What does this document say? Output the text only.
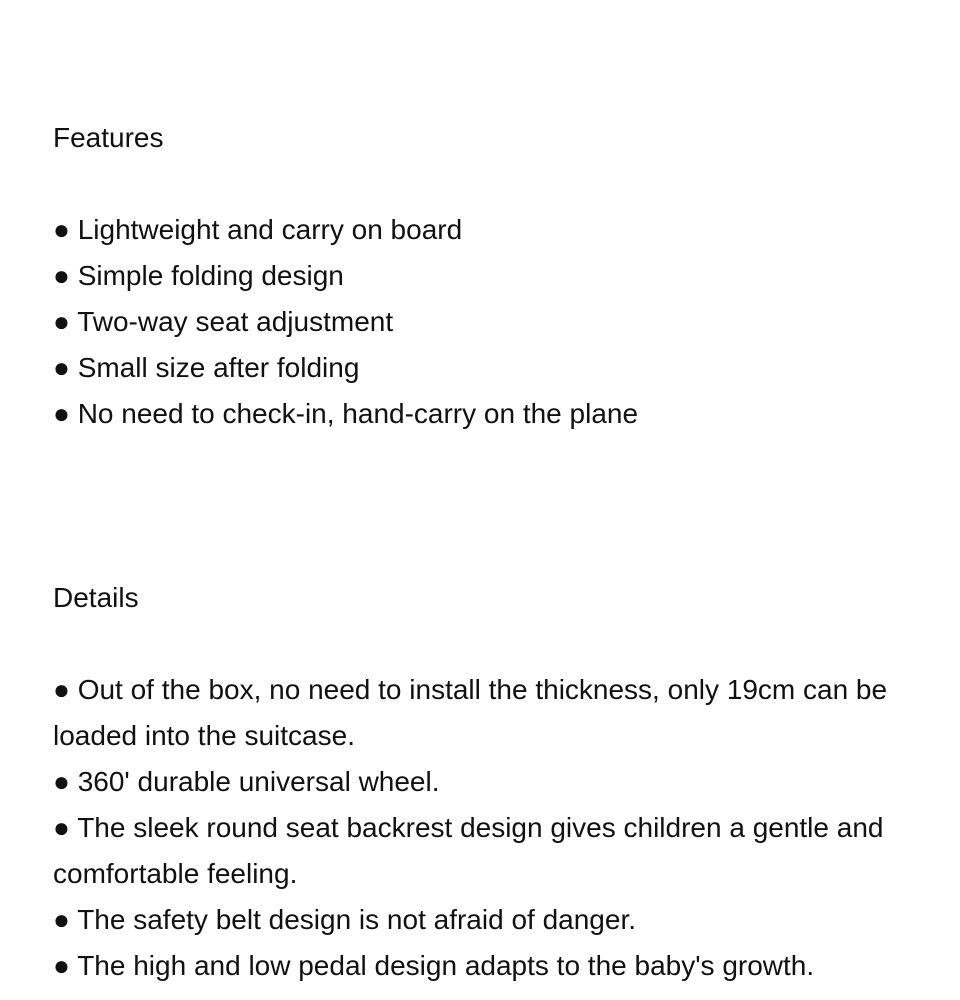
Features
● Lightweight and carry on board
● Simple folding design
● Two-way seat adjustment
● Small size after folding
● No need to check-in, hand-carry on the plane
Details
● Out of the box, no need to install the thickness, only 19cm can be loaded into the suitcase.
● 360' durable universal wheel.
● The sleek round seat backrest design gives children a gentle and comfortable feeling.
● The safety belt design is not afraid of danger.
● The high and low pedal design adapts to the baby's growth.
